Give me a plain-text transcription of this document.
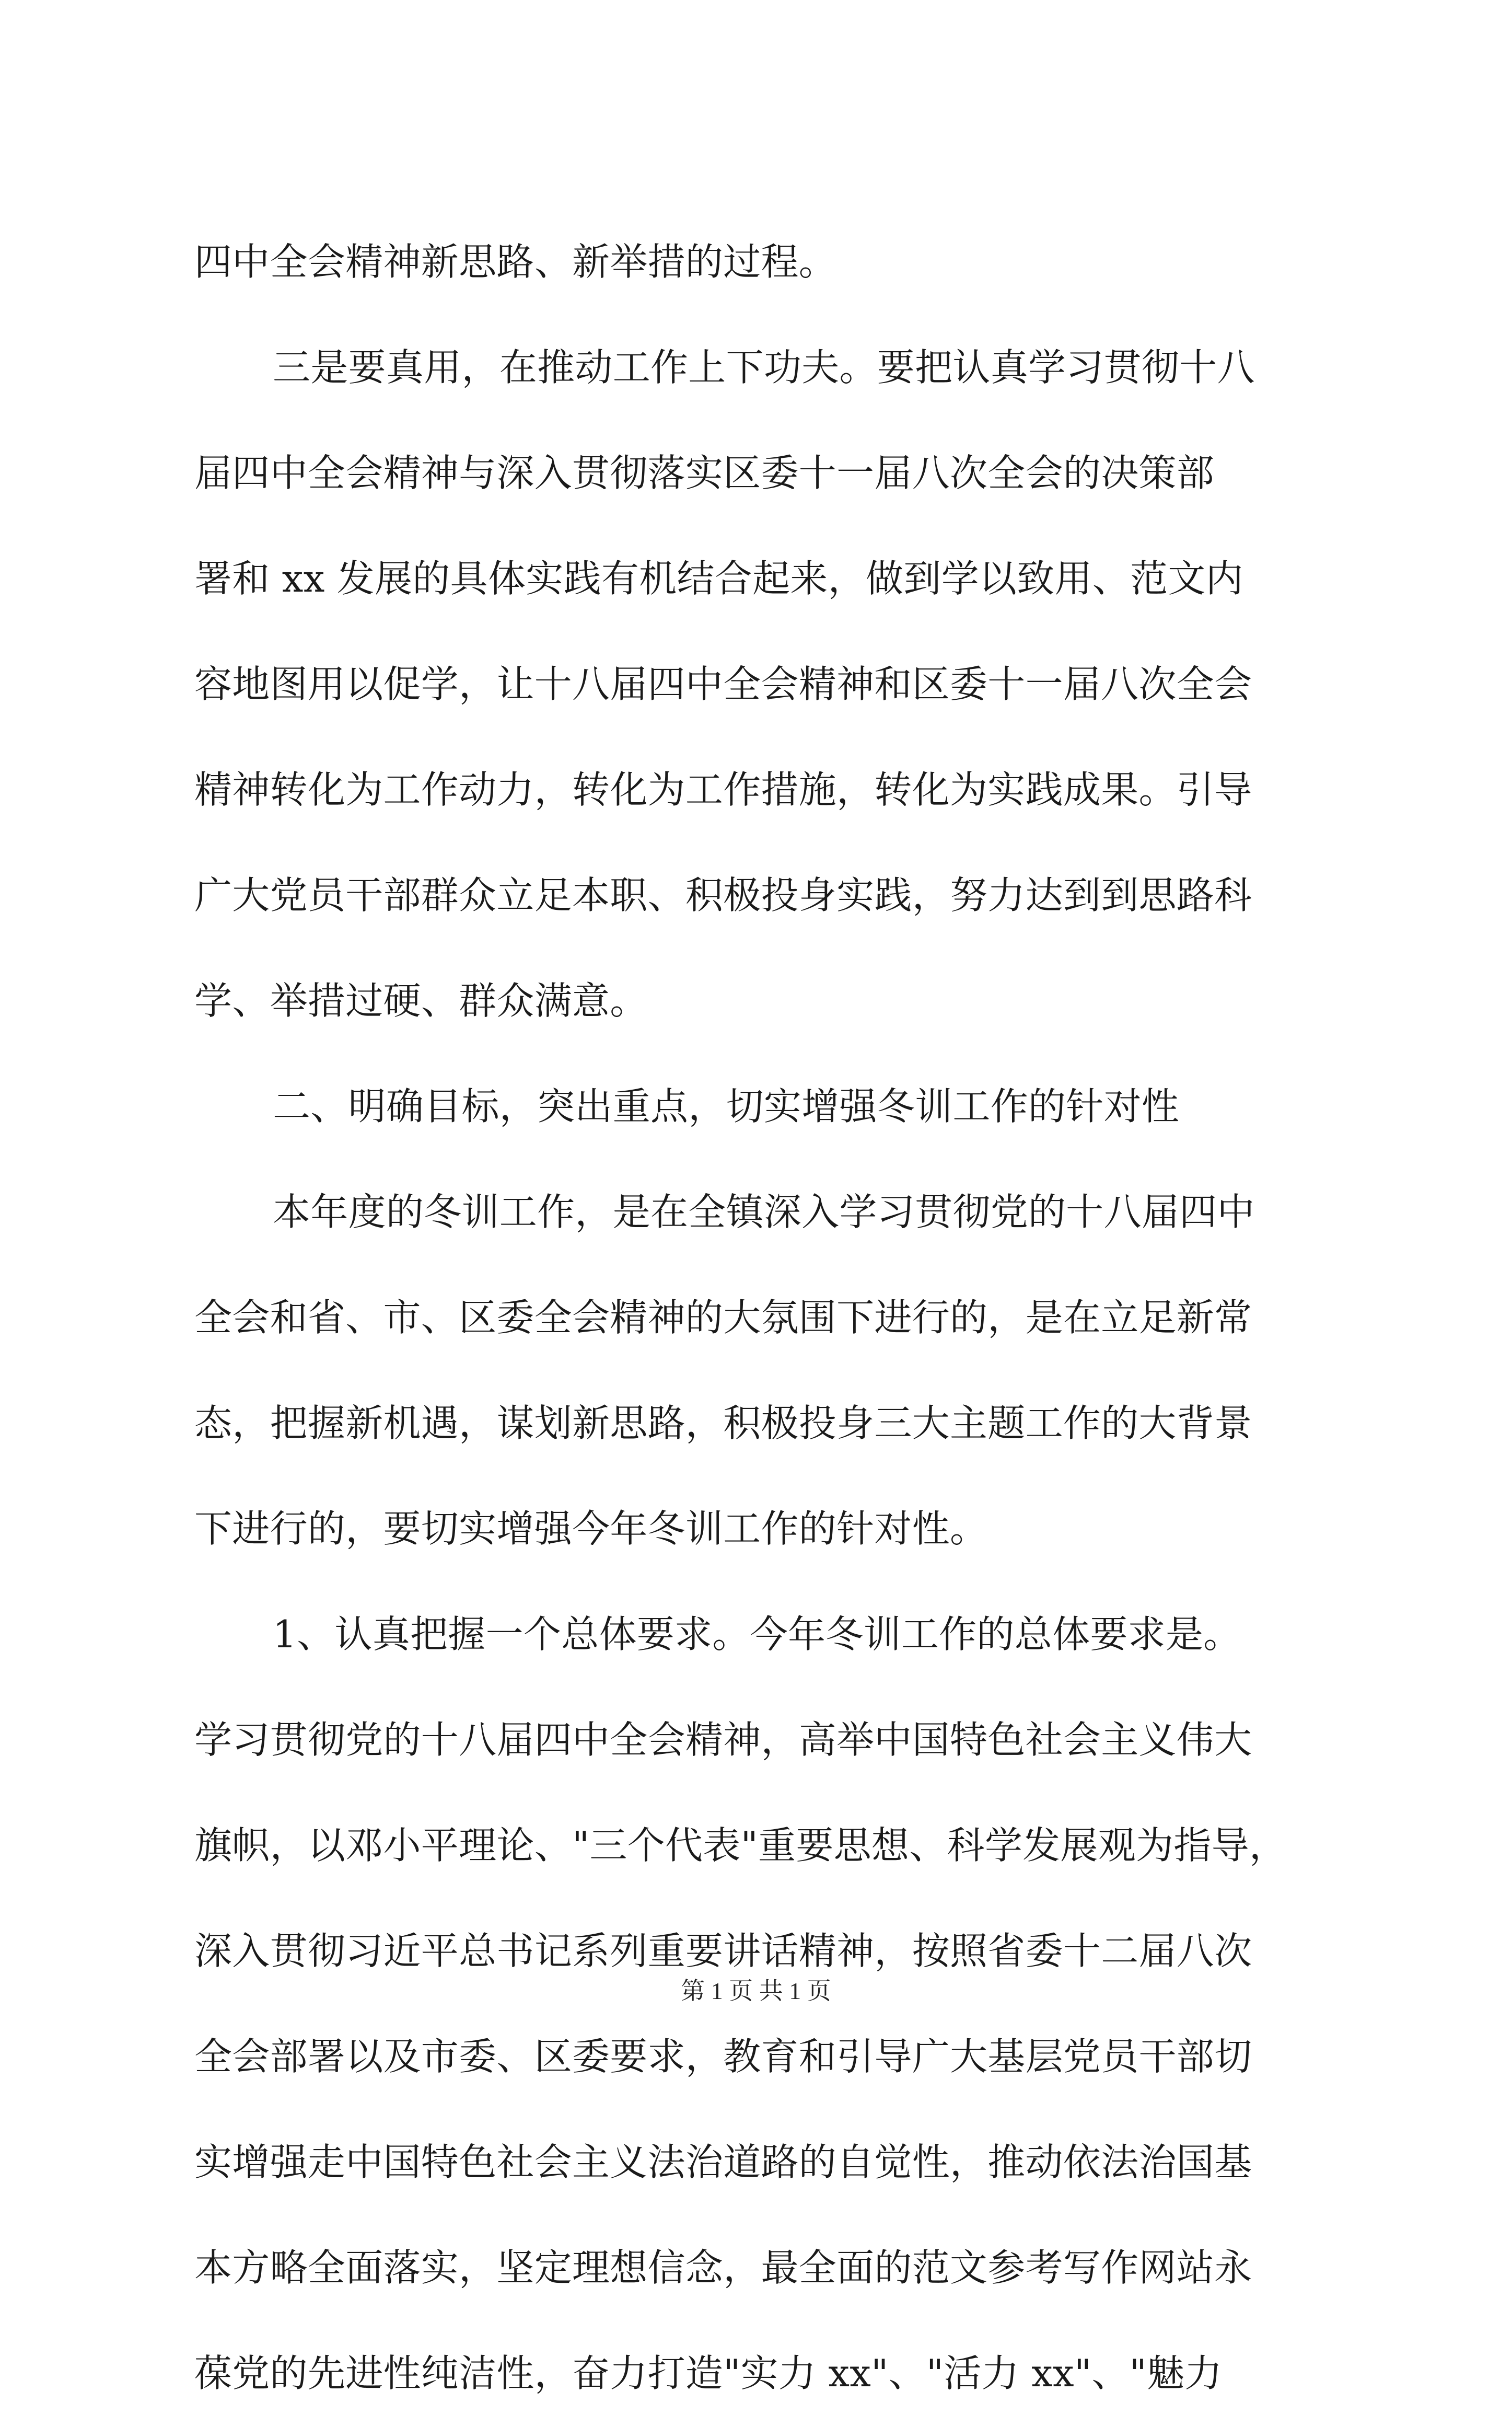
四中全会精神新思路、新举措的过程。
三是要真用，在推动工作上下功夫。要把认真学习贯彻十八
届四中全会精神与深入贯彻落实区委十一届八次全会的决策部
署和 xx 发展的具体实践有机结合起来，做到学以致用、范文内
容地图用以促学，让十八届四中全会精神和区委十一届八次全会
精神转化为工作动力，转化为工作措施，转化为实践成果。引导
广大党员干部群众立足本职、积极投身实践，努力达到到思路科
学、举措过硬、群众满意。
二、明确目标，突出重点，切实增强冬训工作的针对性
本年度的冬训工作，是在全镇深入学习贯彻党的十八届四中
全会和省、市、区委全会精神的大氛围下进行的，是在立足新常
态，把握新机遇，谋划新思路，积极投身三大主题工作的大背景
下进行的，要切实增强今年冬训工作的针对性。
1、认真把握一个总体要求。今年冬训工作的总体要求是。
学习贯彻党的十八届四中全会精神，高举中国特色社会主义伟大
旗帜，以邓小平理论、"三个代表"重要思想、科学发展观为指导，
深入贯彻习近平总书记系列重要讲话精神，按照省委十二届八次
全会部署以及市委、区委要求，教育和引导广大基层党员干部切
实增强走中国特色社会主义法治道路的自觉性，推动依法治国基
本方略全面落实，坚定理想信念，最全面的范文参考写作网站永
葆党的先进性纯洁性，奋力打造"实力 xx"、"活力 xx"、"魅力
第 1 页 共 1 页
